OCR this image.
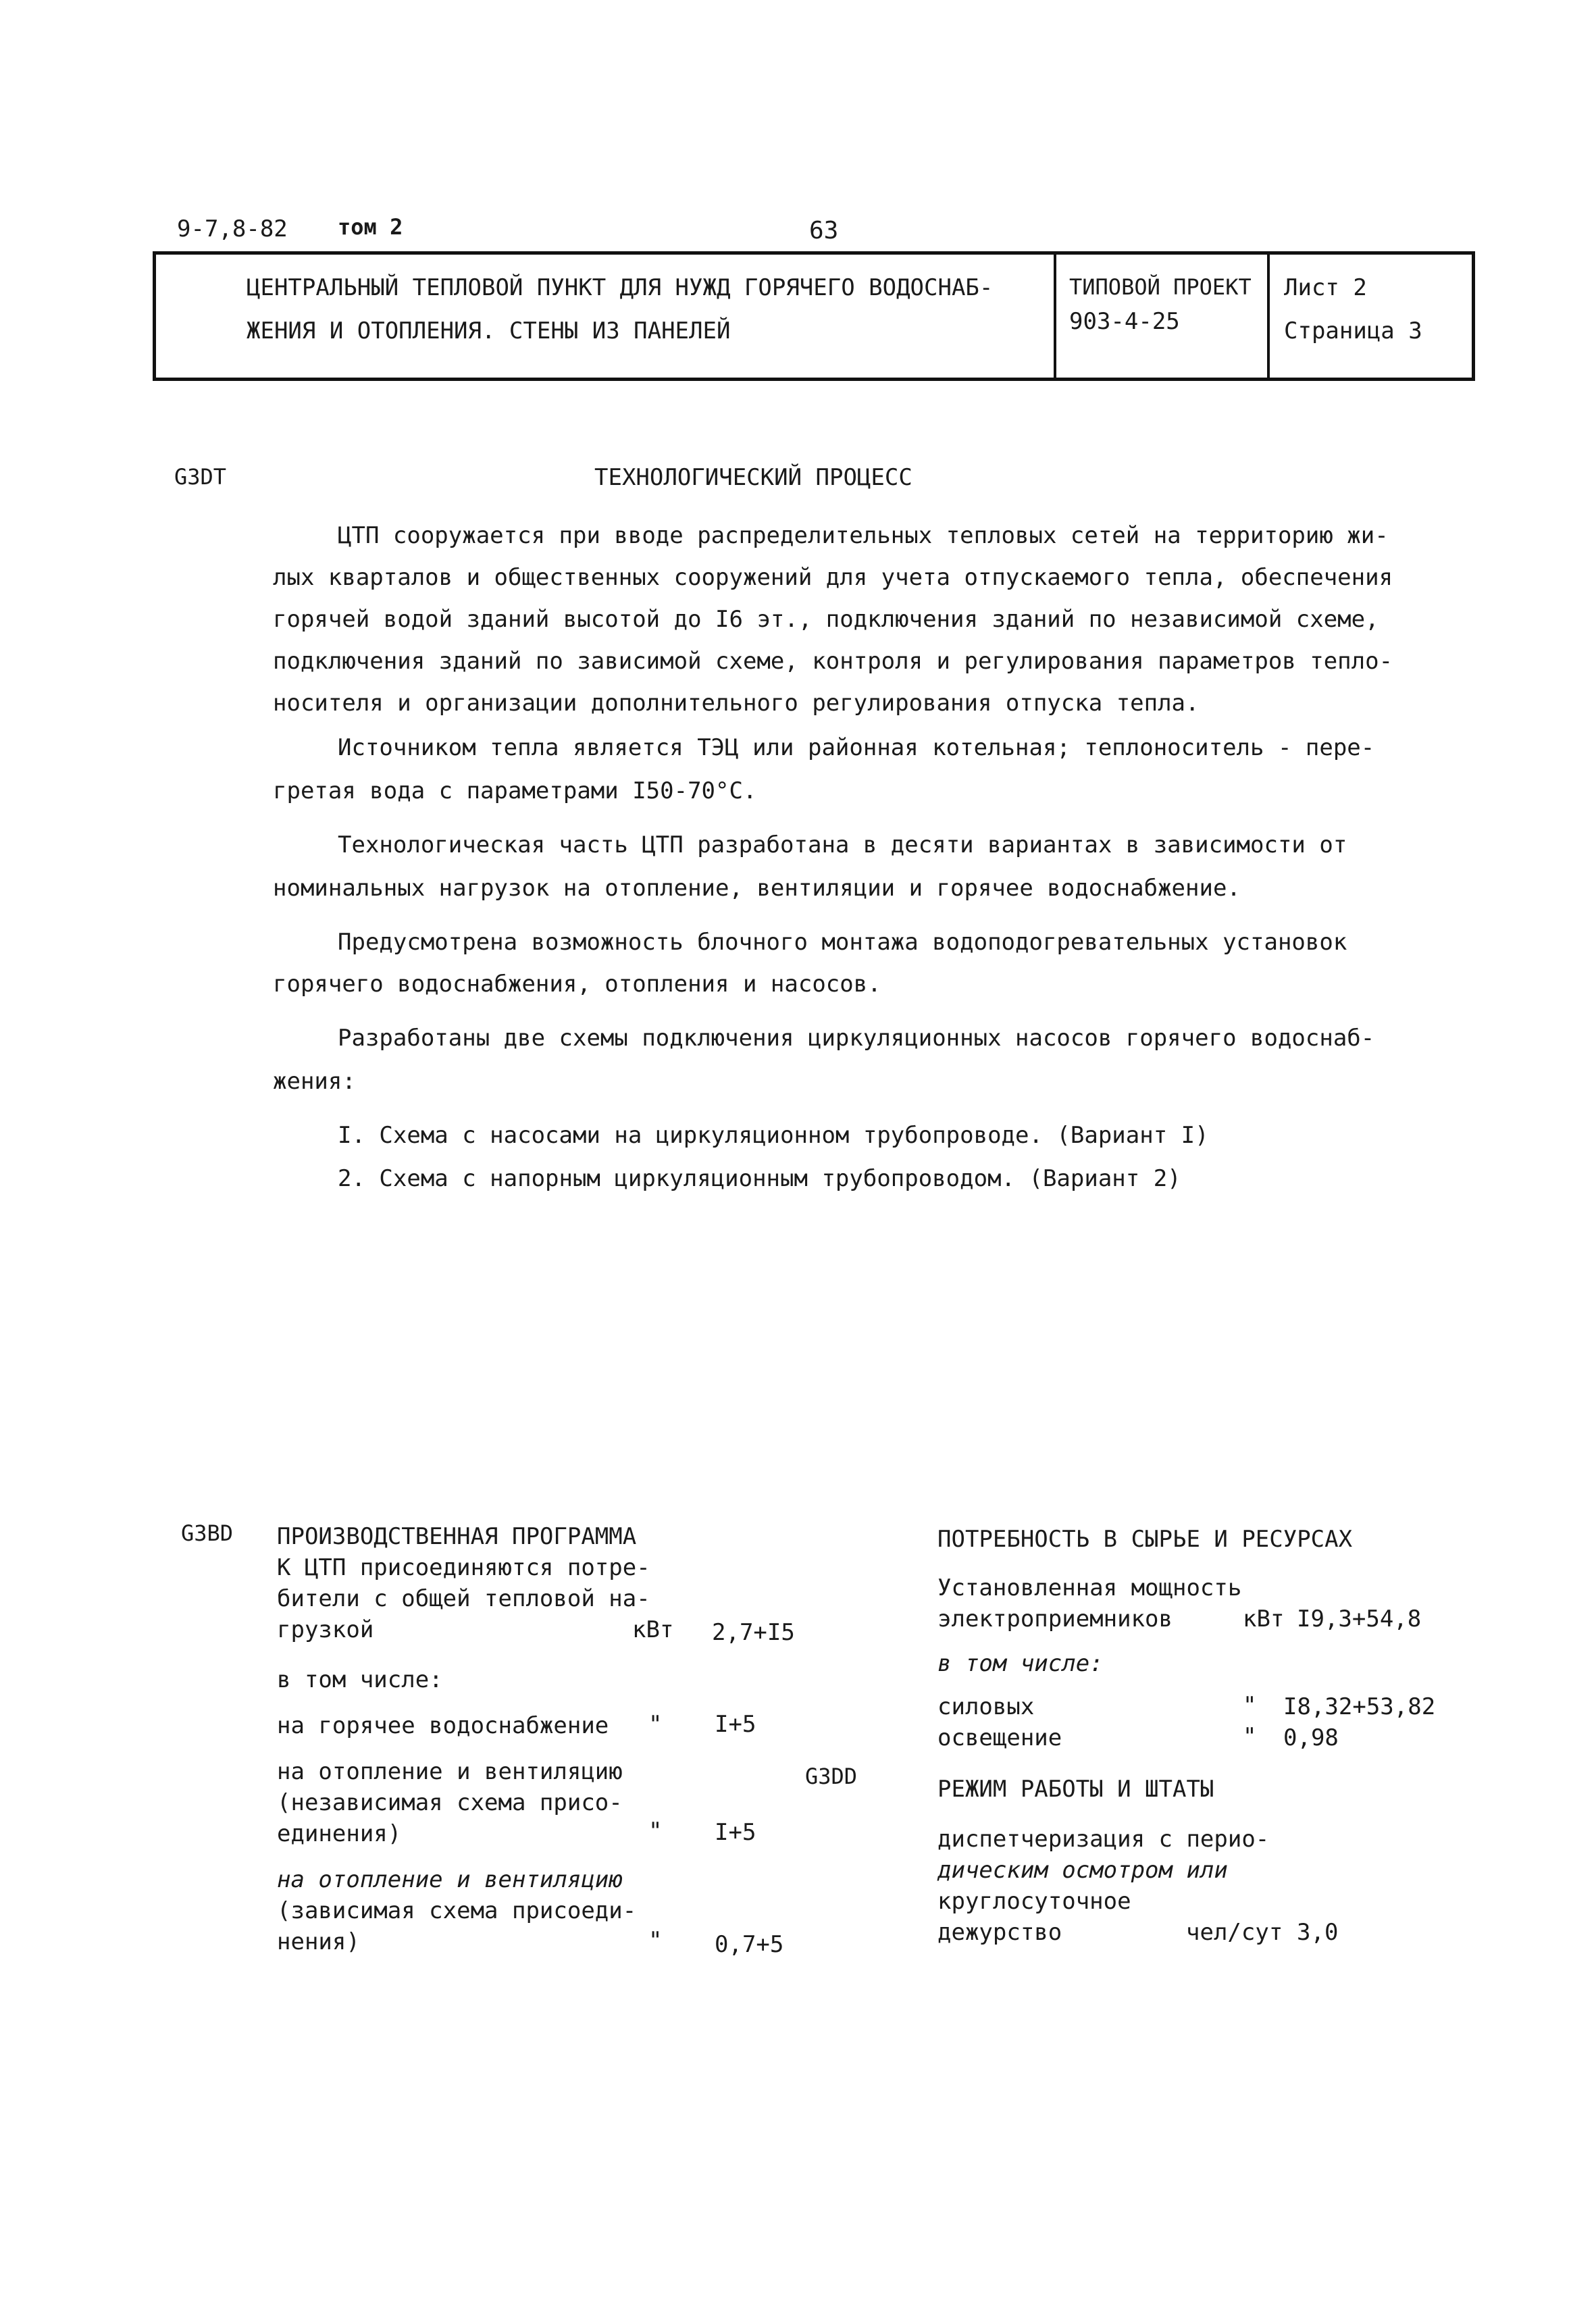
9-7,8-82 том 2	63
ЦЕНТРАЛЬНЫЙ ТЕПЛОВОЙ ПУНКТ ДЛЯ НУЖД ГОРЯЧЕГО ВОДОСНАБ-
ЖЕНИЯ И ОТОПЛЕНИЯ. СТЕНЫ ИЗ ПАНЕЛЕЙ
ТИПОВОЙ ПРОЕКТ
903-4-25
Лист 2
Страница 3
G3DT	ТЕХНОЛОГИЧЕСКИЙ ПРОЦЕСС
ЦТП сооружается при вводе распределительных тепловых сетей на территорию жи-
лых кварталов и общественных сооружений для учета отпускаемого тепла, обеспечения
горячей водой зданий высотой до I6 эт., подключения зданий по независимой схеме,
подключения зданий по зависимой схеме, контроля и регулирования параметров тепло-
носителя и организации дополнительного регулирования отпуска тепла.
Источником тепла является ТЭЦ или районная котельная; теплоноситель - пере-
гретая вода с параметрами I50-70°С.
Технологическая часть ЦТП разработана в десяти вариантах в зависимости от
номинальных нагрузок на отопление, вентиляции и горячее водоснабжение.
Предусмотрена возможность блочного монтажа водоподогревательных установок
горячего водоснабжения, отопления и насосов.
Разработаны две схемы подключения циркуляционных насосов горячего водоснаб-
жения:
I. Схема с насосами на циркуляционном трубопроводе. (Вариант I)
2. Схема с напорным циркуляционным трубопроводом. (Вариант 2)
G3BD ПРОИЗВОДСТВЕННАЯ ПРОГРАММА
К ЦТП присоединяются потре-
бители с общей тепловой на-
грузкой	кВт 2,7+I5
в том числе:
на горячее водоснабжение " I+5
на отопление и вентиляцию
(независимая схема присо-
единения)	" I+5
на отопление и вентиляцию
(зависимая схема присоеди-
нения)	" 0,7+5
ПОТРЕБНОСТЬ В СЫРЬЕ И РЕСУРСАХ
Установленная мощность
электроприемников	кВт I9,3+54,8
в том числе:
силовых	" I8,32+53,82
освещение	" 0,98
G3DD	РЕЖИМ РАБОТЫ И ШТАТЫ
диспетчеризация с перио-
дическим осмотром или
круглосуточное
дежурство	чел/сут 3,0
